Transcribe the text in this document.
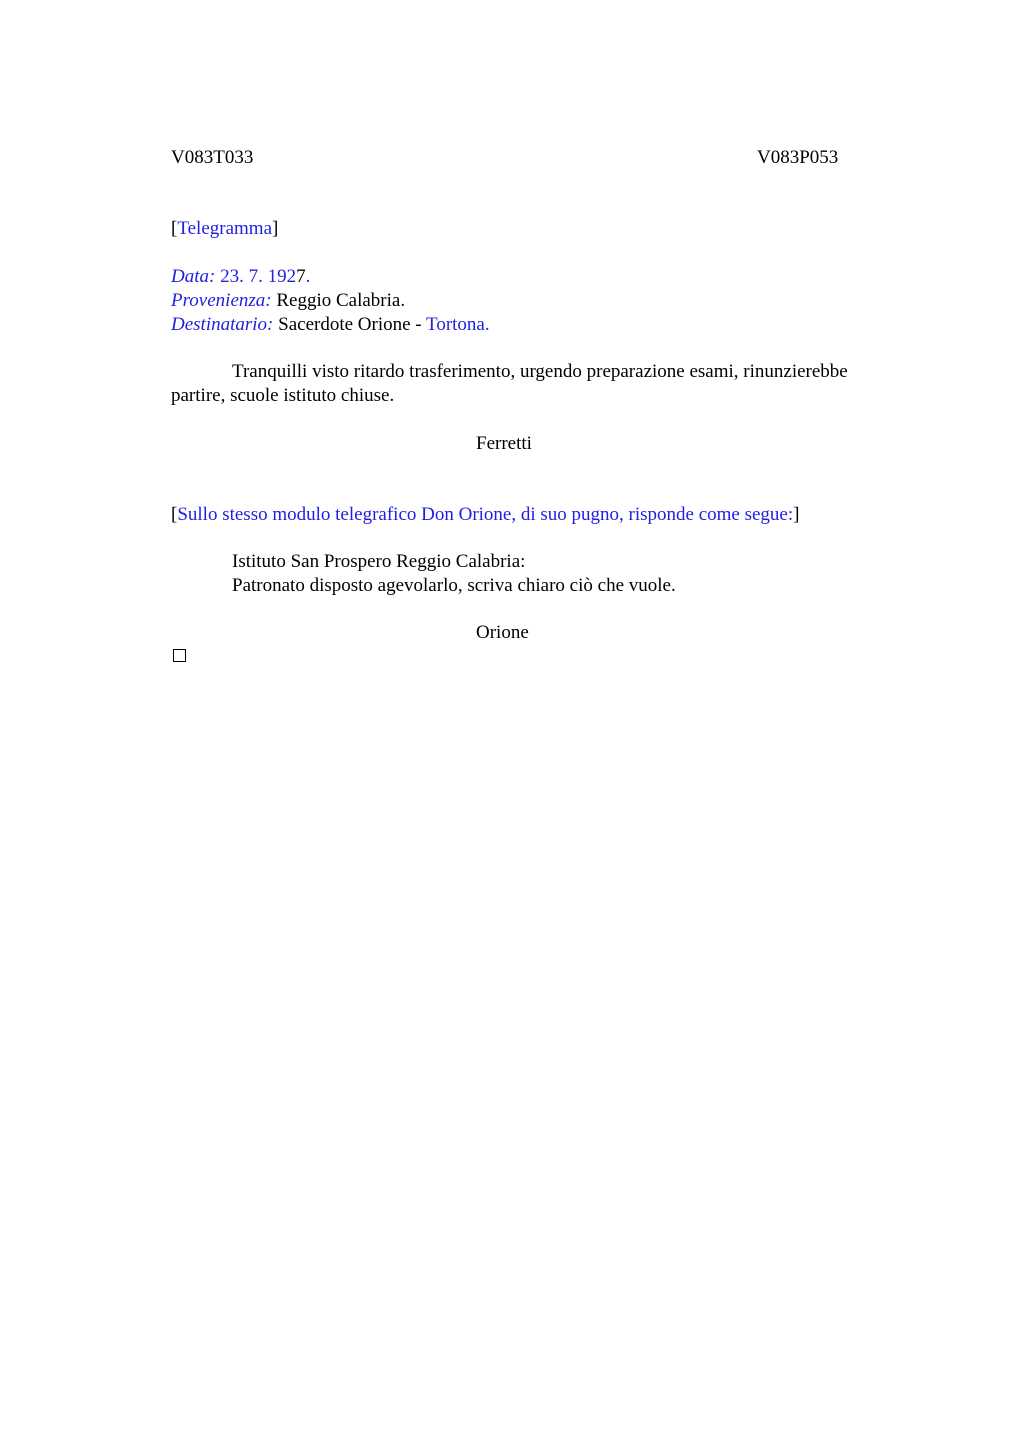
V083T033	V083P053
[Telegramma]
Data: 23. 7. 1927.
Provenienza: Reggio Calabria.
Destinatario: Sacerdote Orione - Tortona.
Tranquilli visto ritardo trasferimento, urgendo preparazione esami, rinunzierebbe partire, scuole istituto chiuse.
Ferretti
[Sullo stesso modulo telegrafico Don Orione, di suo pugno, risponde come segue:]
Istituto San Prospero Reggio Calabria:
Patronato disposto agevolarlo, scriva chiaro ciò che vuole.
Orione
